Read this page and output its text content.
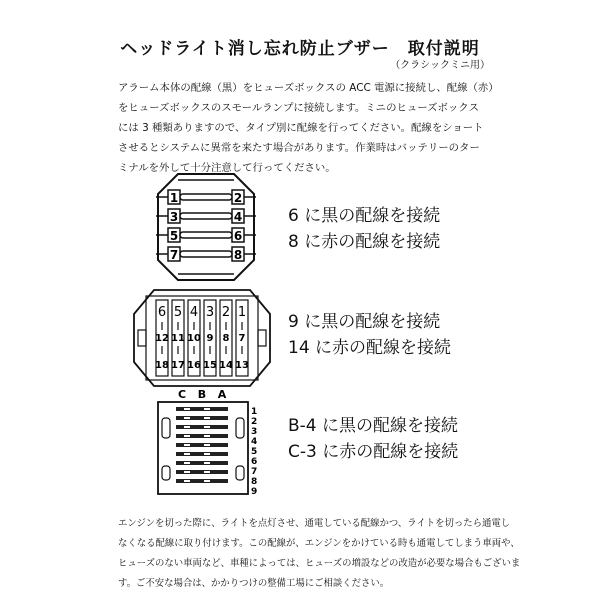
ヘッドライト消し忘れ防止ブザー　取付説明
（クラシックミニ用）

アラーム本体の配線（黒）をヒューズボックスの ACC 電源に接続し、配線（赤）

をヒューズボックスのスモールランプに接続します。ミニのヒューズボックス

には 3 種類ありますので、タイプ別に配線を行ってください。配線をショート

させるとシステムに異常を来たす場合があります。作業時はバッテリーのター

ミナルを外して十分注意して行ってください。

1
3
5
7
2
4
6
8

6 に黒の配線を接続

8 に赤の配線を接続

6 5 4 3 2 1
12 11 10 9 8 7
18 17 16 15 14 13

9 に黒の配線を接続

14 に赤の配線を接続

C B A
1
2
3
4
5
6
7
8
9

B-4 に黒の配線を接続

C-3 に赤の配線を接続

エンジンを切った際に、ライトを点灯させ、通電している配線かつ、ライトを切ったら通電し

なくなる配線に取り付けます。この配線が、エンジンをかけている時も通電してしまう車両や、

ヒューズのない車両など、車種によっては、ヒューズの増設などの改造が必要な場合もございま

す。ご不安な場合は、かかりつけの整備工場にご相談ください。
